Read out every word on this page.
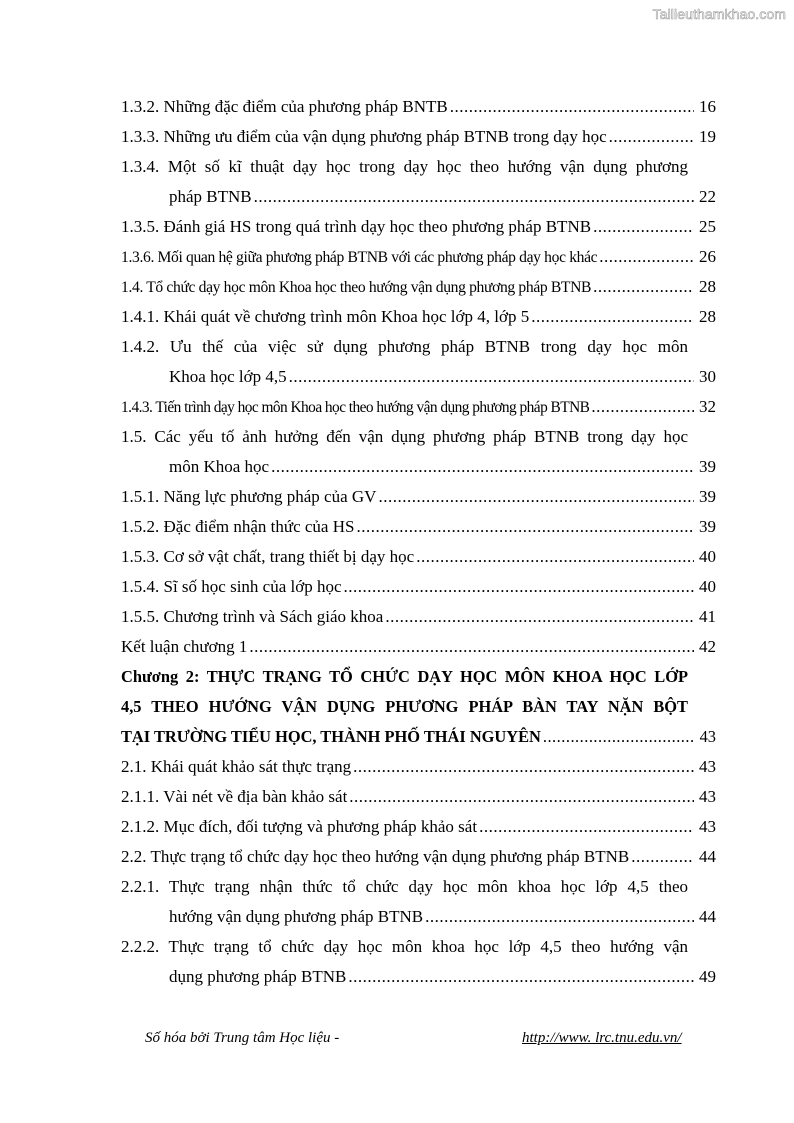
Tailieuthamkhao.com
1.3.2. Những đặc điểm của phương pháp BNTB .....	16
1.3.3. Những ưu điểm của vận dụng phương pháp BTNB trong dạy học .....	19
1.3.4. Một số kĩ thuật dạy học trong dạy học theo hướng vận dụng phương
pháp BTNB .....	22
1.3.5. Đánh giá HS trong quá trình dạy học theo phương pháp BTNB .....	25
1.3.6. Mối quan hệ giữa phương pháp BTNB với các phương pháp dạy học khác .....	26
1.4. Tổ chức dạy học môn Khoa học theo hướng vận dụng phương pháp BTNB .....	28
1.4.1. Khái quát về chương trình môn Khoa học lớp 4, lớp 5 .....	28
1.4.2. Ưu thế của việc sử dụng phương pháp BTNB trong dạy học môn
Khoa học lớp 4,5 .....	30
1.4.3. Tiến trình dạy học môn Khoa học theo hướng vận dụng phương pháp BTNB .....	32
1.5. Các yếu tố ảnh hưởng đến vận dụng phương pháp BTNB trong dạy học
môn Khoa học .....	39
1.5.1. Năng lực phương pháp của GV .....	39
1.5.2. Đặc điểm nhận thức của HS .....	39
1.5.3. Cơ sở vật chất, trang thiết bị dạy học .....	40
1.5.4. Sĩ số học sinh của lớp học .....	40
1.5.5. Chương trình và Sách giáo khoa .....	41
Kết luận chương 1 .....	42
Chương 2: THỰC TRẠNG TỔ CHỨC DẠY HỌC MÔN KHOA HỌC LỚP
4,5 THEO HƯỚNG VẬN DỤNG PHƯƠNG PHÁP BÀN TAY NẶN BỘT
TẠI TRƯỜNG TIỂU HỌC, THÀNH PHỐ THÁI NGUYÊN .....	43
2.1. Khái quát khảo sát thực trạng .....	43
2.1.1. Vài nét về địa bàn khảo sát .....	43
2.1.2. Mục đích, đối tượng và phương pháp khảo sát .....	43
2.2. Thực trạng tổ chức dạy học theo hướng vận dụng phương pháp BTNB .....	44
2.2.1. Thực trạng nhận thức tổ chức dạy học môn khoa học lớp 4,5 theo
hướng vận dụng phương pháp BTNB .....	44
2.2.2. Thực trạng tổ chức dạy học môn khoa học lớp 4,5 theo hướng vận
dụng phương pháp BTNB .....	49
Số hóa bởi Trung tâm Học liệu -	http://www. lrc.tnu.edu.vn/
